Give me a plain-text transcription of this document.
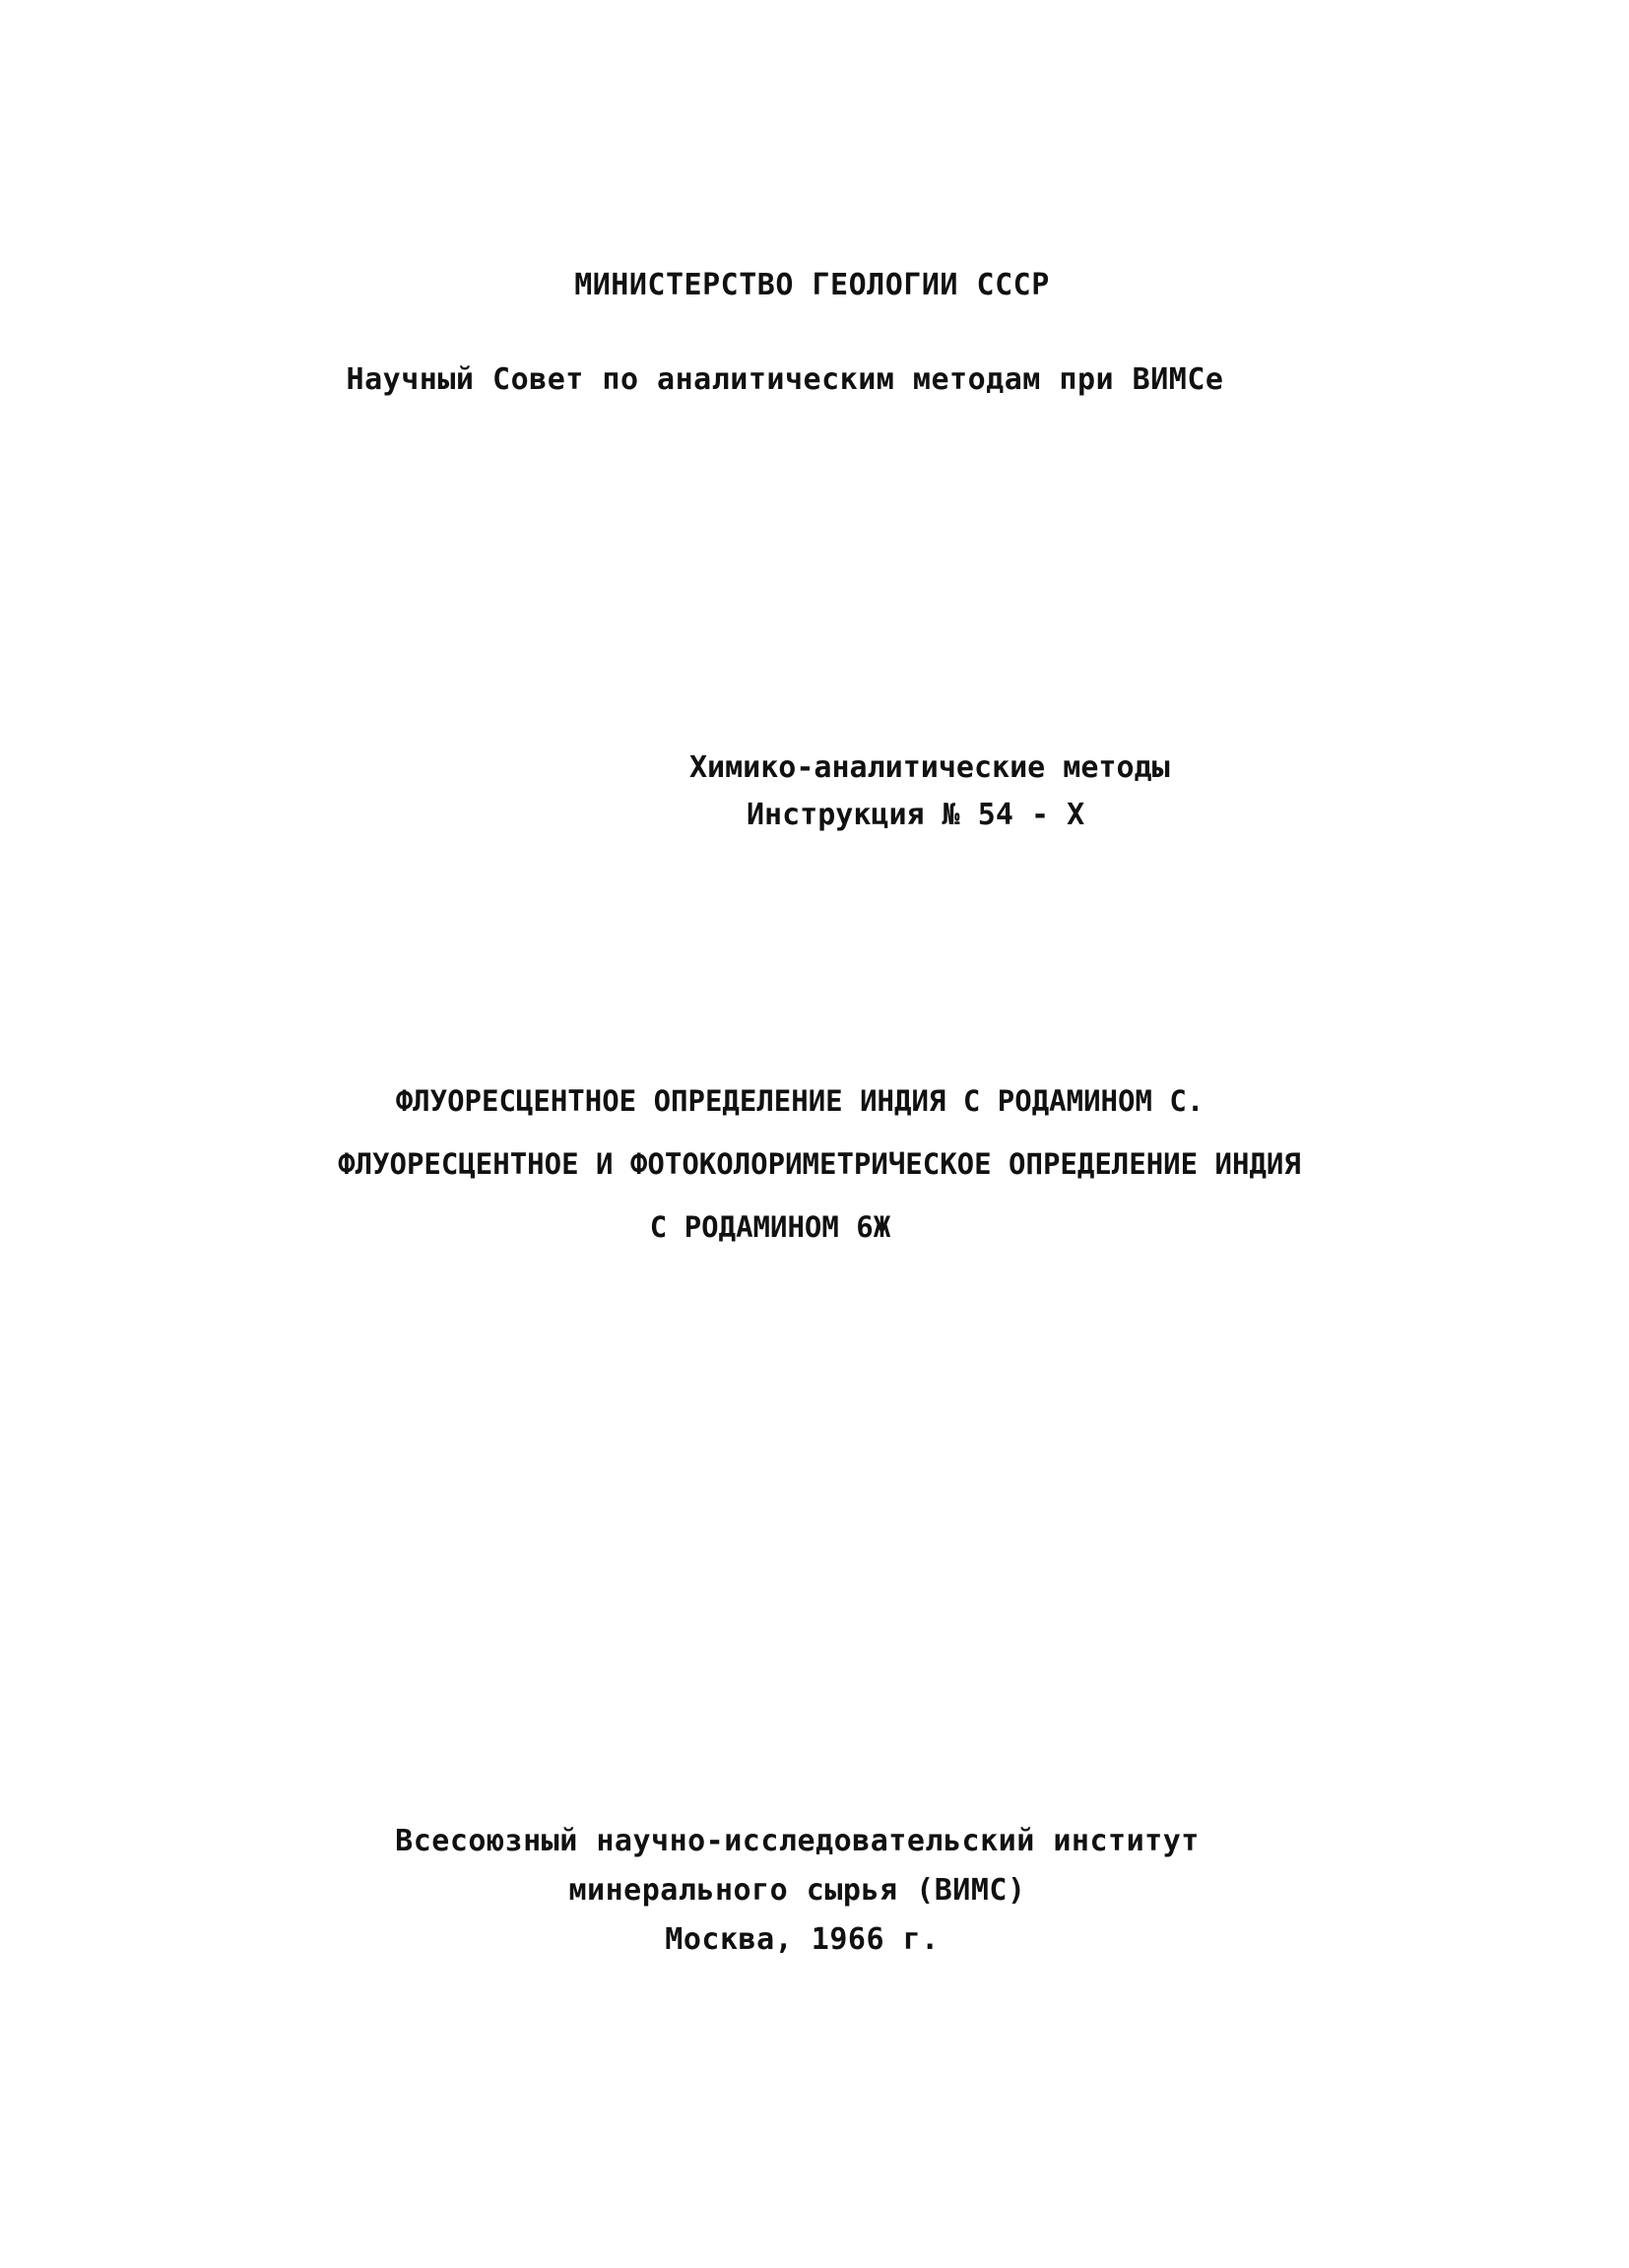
МИНИСТЕРСТВО ГЕОЛОГИИ СССР
Научный Совет по аналитическим методам при ВИМСе
Химико-аналитические методы
Инструкция № 54 - Х
ФЛУОРЕСЦЕНТНОЕ ОПРЕДЕЛЕНИЕ ИНДИЯ С РОДАМИНОМ С.
ФЛУОРЕСЦЕНТНОЕ И ФОТОКОЛОРИМЕТРИЧЕСКОЕ ОПРЕДЕЛЕНИЕ ИНДИЯ
С РОДАМИНОМ 6Ж
Всесоюзный научно-исследовательский институт
минерального сырья (ВИМС)
Москва, 1966 г.
